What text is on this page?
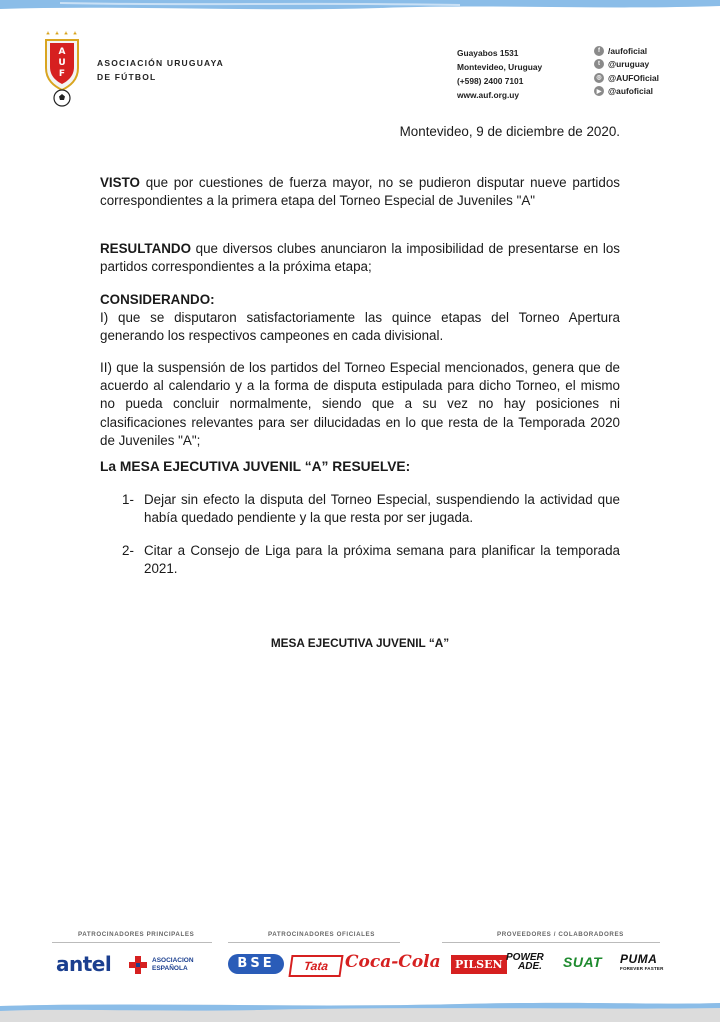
A
U
F
ASOCIACIÓN URUGUAYA
DE FÚTBOL
Guayabos 1531
Montevideo, Uruguay
(+598) 2400 7101
www.auf.org.uy
f /aufoficial
t @uruguay
◎ @AUFOficial
▶ @aufoficial
Montevideo, 9 de diciembre de 2020.
VISTO que por cuestiones de fuerza mayor, no se pudieron disputar nueve partidos correspondientes a la primera etapa del Torneo Especial de Juveniles "A"
RESULTANDO que diversos clubes anunciaron la imposibilidad de presentarse en los partidos correspondientes a la próxima etapa;
CONSIDERANDO:
I) que se disputaron satisfactoriamente las quince etapas del Torneo Apertura generando los respectivos campeones en cada divisional.
II) que la suspensión de los partidos del Torneo Especial mencionados, genera que de acuerdo al calendario y a la forma de disputa estipulada para dicho Torneo, el mismo no pueda concluir normalmente, siendo que a su vez no hay posiciones ni clasificaciones relevantes para ser dilucidadas en lo que resta de la Temporada 2020 de Juveniles "A";
La MESA EJECUTIVA JUVENIL “A” RESUELVE:
1- Dejar sin efecto la disputa del Torneo Especial, suspendiendo la actividad que había quedado pendiente y la que resta por ser jugada.
2- Citar a Consejo de Liga para la próxima semana para planificar la temporada 2021.
MESA EJECUTIVA JUVENIL “A”
PATROCINADORES PRINCIPALES	PATROCINADORES OFICIALES	PROVEEDORES / COLABORADORES
antel	ASOCIACION
ESPAÑOLA	BSE	Tata Coca-Cola	PILSEN
POWER
ADE. SUAT PUMA
FOREVER FASTER
